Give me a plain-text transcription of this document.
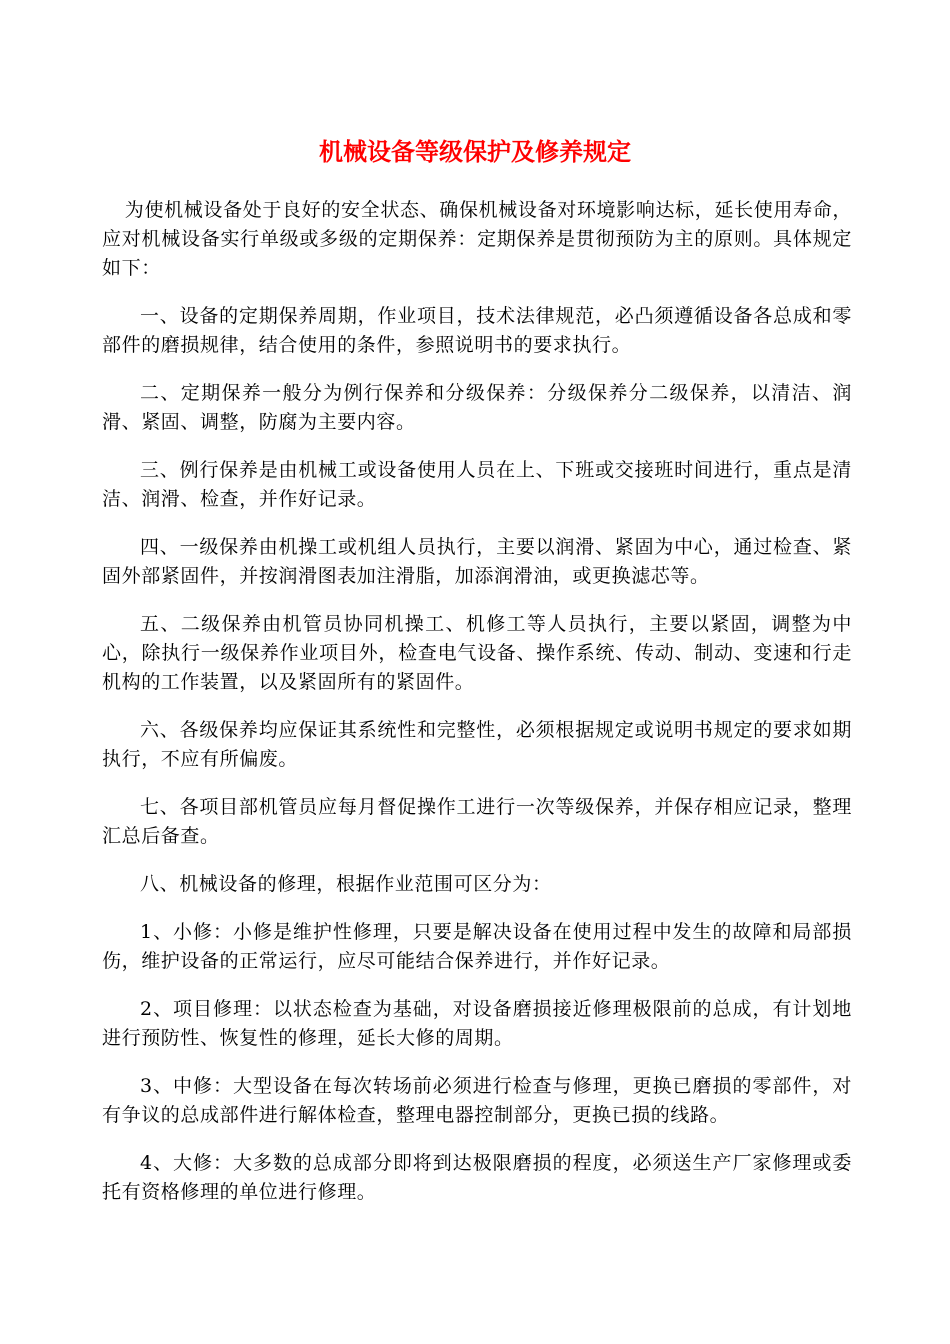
机械设备等级保护及修养规定

为使机械设备处于良好的安全状态、确保机械设备对环境影响达标，延长使用寿命，应对机械设备实行单级或多级的定期保养：定期保养是贯彻预防为主的原则。具体规定如下：

一、设备的定期保养周期，作业项目，技术法律规范，必凸须遵循设备各总成和零部件的磨损规律，结合使用的条件，参照说明书的要求执行。

二、定期保养一般分为例行保养和分级保养：分级保养分二级保养，以清洁、润滑、紧固、调整，防腐为主要内容。

三、例行保养是由机械工或设备使用人员在上、下班或交接班时间进行，重点是清洁、润滑、检查，并作好记录。

四、一级保养由机操工或机组人员执行，主要以润滑、紧固为中心，通过检查、紧固外部紧固件，并按润滑图表加注滑脂，加添润滑油，或更换滤芯等。

五、二级保养由机管员协同机操工、机修工等人员执行，主要以紧固，调整为中心，除执行一级保养作业项目外，检查电气设备、操作系统、传动、制动、变速和行走机构的工作装置，以及紧固所有的紧固件。

六、各级保养均应保证其系统性和完整性，必须根据规定或说明书规定的要求如期执行，不应有所偏废。

七、各项目部机管员应每月督促操作工进行一次等级保养，并保存相应记录，整理汇总后备查。

八、机械设备的修理，根据作业范围可区分为：

1、小修：小修是维护性修理，只要是解决设备在使用过程中发生的故障和局部损伤，维护设备的正常运行，应尽可能结合保养进行，并作好记录。

2、项目修理：以状态检查为基础，对设备磨损接近修理极限前的总成，有计划地进行预防性、恢复性的修理，延长大修的周期。

3、中修：大型设备在每次转场前必须进行检查与修理，更换已磨损的零部件，对有争议的总成部件进行解体检查，整理电器控制部分，更换已损的线路。

4、大修：大多数的总成部分即将到达极限磨损的程度，必须送生产厂家修理或委托有资格修理的单位进行修理。
